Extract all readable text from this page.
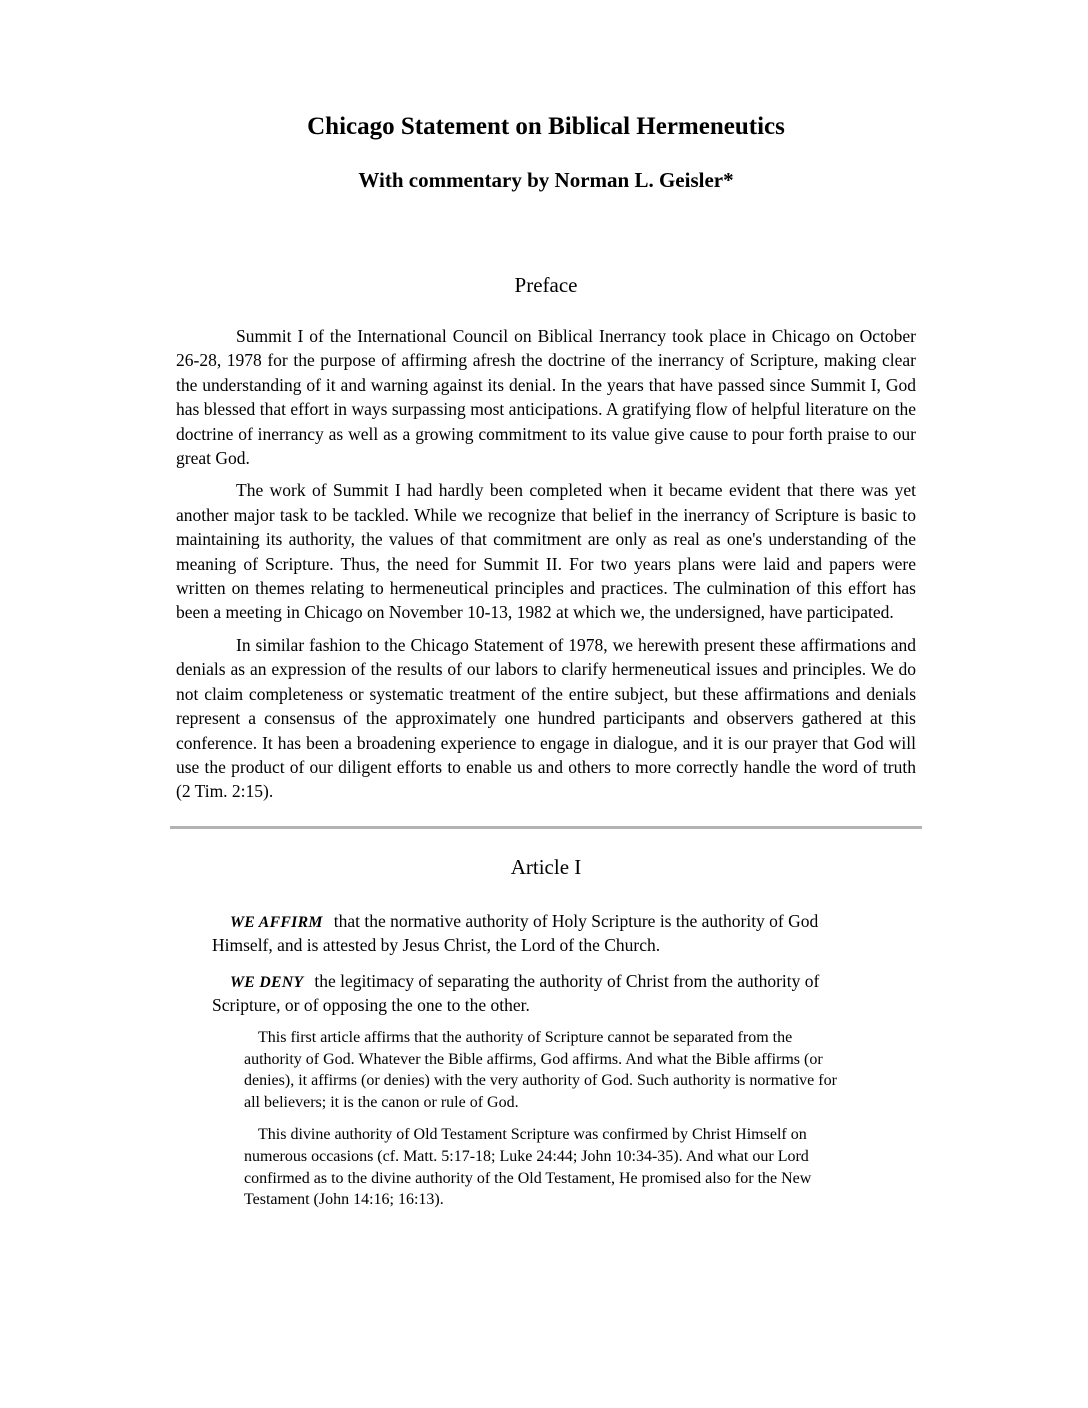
Chicago Statement on Biblical Hermeneutics
With commentary by Norman L. Geisler*
Preface

Summit I of the International Council on Biblical Inerrancy took place in Chicago on October 26-28, 1978 for the purpose of affirming afresh the doctrine of the inerrancy of Scripture, making clear the understanding of it and warning against its denial. In the years that have passed since Summit I, God has blessed that effort in ways surpassing most anticipations. A gratifying flow of helpful literature on the doctrine of inerrancy as well as a growing commitment to its value give cause to pour forth praise to our great God.

The work of Summit I had hardly been completed when it became evident that there was yet another major task to be tackled. While we recognize that belief in the inerrancy of Scripture is basic to maintaining its authority, the values of that commitment are only as real as one's understanding of the meaning of Scripture. Thus, the need for Summit II. For two years plans were laid and papers were written on themes relating to hermeneutical principles and practices. The culmination of this effort has been a meeting in Chicago on November 10-13, 1982 at which we, the undersigned, have participated.

In similar fashion to the Chicago Statement of 1978, we herewith present these affirmations and denials as an expression of the results of our labors to clarify hermeneutical issues and principles. We do not claim completeness or systematic treatment of the entire subject, but these affirmations and denials represent a consensus of the approximately one hundred participants and observers gathered at this conference. It has been a broadening experience to engage in dialogue, and it is our prayer that God will use the product of our diligent efforts to enable us and others to more correctly handle the word of truth (2 Tim. 2:15).

Article I

WE AFFIRM that the normative authority of Holy Scripture is the authority of God Himself, and is attested by Jesus Christ, the Lord of the Church.

WE DENY the legitimacy of separating the authority of Christ from the authority of Scripture, or of opposing the one to the other.

This first article affirms that the authority of Scripture cannot be separated from the authority of God. Whatever the Bible affirms, God affirms. And what the Bible affirms (or denies), it affirms (or denies) with the very authority of God. Such authority is normative for all believers; it is the canon or rule of God.

This divine authority of Old Testament Scripture was confirmed by Christ Himself on numerous occasions (cf. Matt. 5:17-18; Luke 24:44; John 10:34-35). And what our Lord confirmed as to the divine authority of the Old Testament, He promised also for the New Testament (John 14:16; 16:13).
